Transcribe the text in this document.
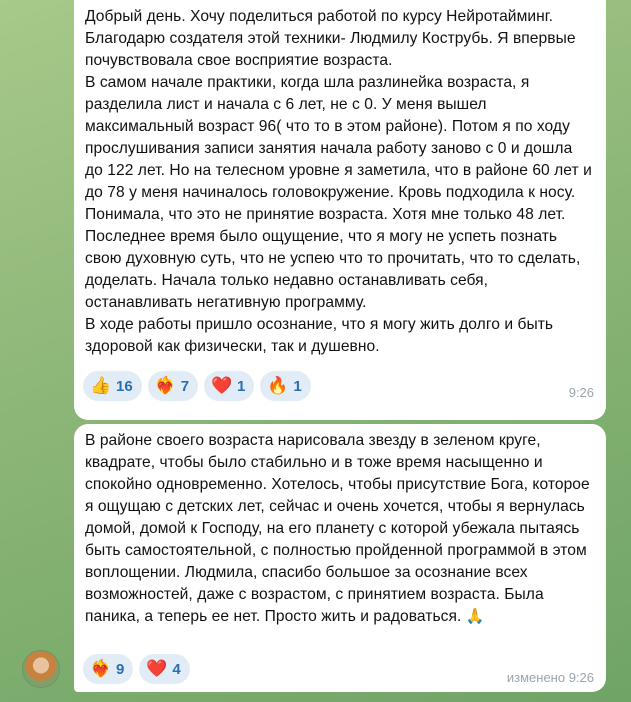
Добрый день. Хочу поделиться работой по курсу Нейротайминг. Благодарю создателя этой техники- Людмилу Кострубь. Я впервые почувствовала свое восприятие возраста.
В самом начале практики, когда шла разлинейка возраста, я разделила лист и начала с 6 лет, не с 0. У меня вышел максимальный возраст 96( что то в этом районе). Потом я по ходу прослушивания записи занятия начала работу заново с 0 и дошла до 122 лет. Но на телесном уровне я заметила, что в районе 60 лет и до 78 у меня начиналось головокружение. Кровь подходила к носу. Понимала, что это не принятие возраста. Хотя мне только 48 лет. Последнее время было ощущение, что я могу не успеть познать свою духовную суть, что не успею что то прочитать, что то сделать, доделать. Начала только недавно останавливать себя, останавливать негативную программу.
В ходе работы пришло осознание, что я могу жить долго и быть здоровой как физически, так и душевно.
👍 16 ❤️‍🔥 7 ❤️ 1 🔥 1	9:26
В районе своего возраста нарисовала звезду в зеленом круге, квадрате, чтобы было стабильно и в тоже время насыщенно и спокойно одновременно. Хотелось, чтобы присутствие Бога, которое я ощущаю с детских лет, сейчас и очень хочется, чтобы я вернулась домой, домой к Господу, на его планету с которой убежала пытаясь быть самостоятельной, с полностью пройденной программой в этом воплощении. Людмила, спасибо большое за осознание всех возможностей, даже с возрастом, с принятием возраста. Была паника, а теперь ее нет. Просто жить и радоваться. 🙏
❤️‍🔥 9 ❤️ 4	изменено 9:26
